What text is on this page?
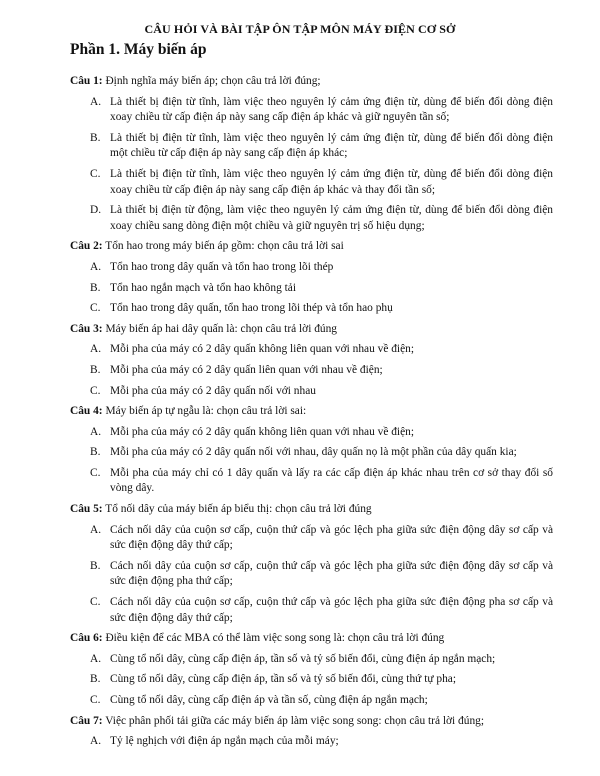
CÂU HỎI VÀ BÀI TẬP ÔN TẬP MÔN MÁY ĐIỆN CƠ SỞ
Phần 1. Máy biến áp
Câu 1: Định nghĩa máy biến áp; chọn câu trả lời đúng;
A. Là thiết bị điện từ tĩnh, làm việc theo nguyên lý cảm ứng điện từ, dùng để biến đổi dòng điện xoay chiều từ cấp điện áp này sang cấp điện áp khác và giữ nguyên tần số;
B. Là thiết bị điện từ tĩnh, làm việc theo nguyên lý cảm ứng điện từ, dùng để biến đổi dòng điện một chiều từ cấp điện áp này sang cấp điện áp khác;
C. Là thiết bị điện từ tĩnh, làm việc theo nguyên lý cảm ứng điện từ, dùng để biến đổi dòng điện xoay chiều từ cấp điện áp này sang cấp điện áp khác và thay đổi tần số;
D. Là thiết bị điện từ động, làm việc theo nguyên lý cảm ứng điện từ, dùng để biến đổi dòng điện xoay chiều sang dòng điện một chiều và giữ nguyên trị số hiệu dụng;
Câu 2: Tổn hao trong máy biến áp gồm: chọn câu trả lời sai
A. Tổn hao trong dây quấn và tổn hao trong lõi thép
B. Tổn hao ngắn mạch và tổn hao không tải
C. Tổn hao trong dây quấn, tổn hao trong lõi thép và tổn hao phụ
Câu 3: Máy biến áp hai dây quấn là: chọn câu trả lời đúng
A. Mỗi pha của máy có 2 dây quấn không liên quan với nhau về điện;
B. Mỗi pha của máy có 2 dây quấn liên quan với nhau về điện;
C. Mỗi pha của máy có 2 dây quấn nối với nhau
Câu 4: Máy biến áp tự ngẫu là: chọn câu trả lời sai:
A. Mỗi pha của máy có 2 dây quấn không liên quan với nhau về điện;
B. Mỗi pha của máy có 2 dây quấn nối với nhau, dây quấn nọ là một phần của dây quấn kia;
C. Mỗi pha của máy chỉ có 1 dây quấn và lấy ra các cấp điện áp khác nhau trên cơ sở thay đổi số vòng dây.
Câu 5: Tổ nối dây của máy biến áp biểu thị: chọn câu trả lời đúng
A. Cách nối dây của cuộn sơ cấp, cuộn thứ cấp và góc lệch pha giữa sức điện động dây sơ cấp và sức điện động dây thứ cấp;
B. Cách nối dây của cuộn sơ cấp, cuộn thứ cấp và góc lệch pha giữa sức điện động dây sơ cấp và sức điện động pha thứ cấp;
C. Cách nối dây của cuộn sơ cấp, cuộn thứ cấp và góc lệch pha giữa sức điện động pha sơ cấp và sức điện động dây thứ cấp;
Câu 6: Điều kiện để các MBA có thể làm việc song song là: chọn câu trả lời đúng
A. Cùng tổ nối dây, cùng cấp điện áp, tần số và tỷ số biến đổi, cùng điện áp ngắn mạch;
B. Cùng tổ nối dây, cùng cấp điện áp, tần số và tỷ số biến đổi, cùng thứ tự pha;
C. Cùng tổ nối dây, cùng cấp điện áp và tần số, cùng điện áp ngắn mạch;
Câu 7: Việc phân phối tải giữa các máy biến áp làm việc song song: chọn câu trả lời đúng;
A. Tỷ lệ nghịch với điện áp ngắn mạch của mỗi máy;
